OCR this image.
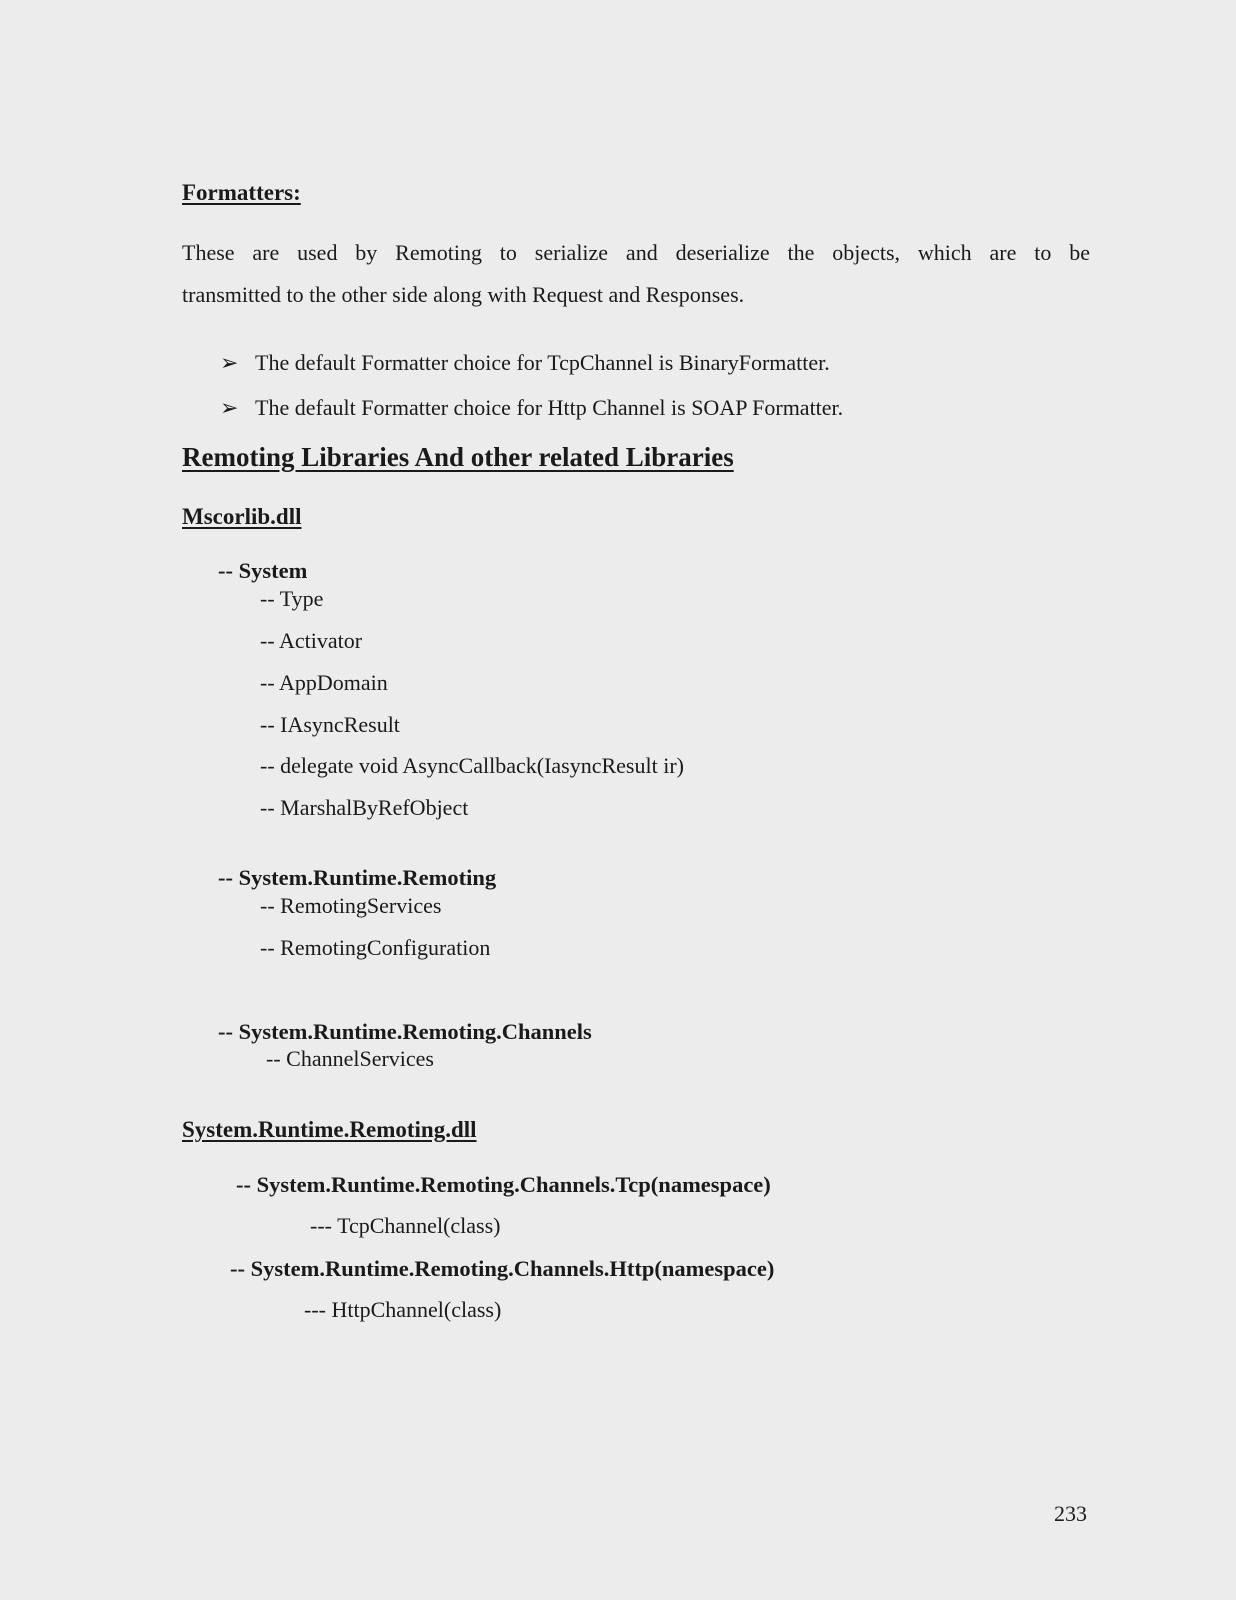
Formatters:
These are used by Remoting to serialize and deserialize the objects, which are to be
transmitted to the other side along with Request and Responses.
➢ The default Formatter choice for TcpChannel is BinaryFormatter.
➢ The default Formatter choice for Http Channel is SOAP Formatter.
Remoting Libraries And other related Libraries
Mscorlib.dll
-- System
-- Type
-- Activator
-- AppDomain
-- IAsyncResult
-- delegate void AsyncCallback(IasyncResult ir)
-- MarshalByRefObject
-- System.Runtime.Remoting
-- RemotingServices
-- RemotingConfiguration
-- System.Runtime.Remoting.Channels
-- ChannelServices
System.Runtime.Remoting.dll
-- System.Runtime.Remoting.Channels.Tcp(namespace)
--- TcpChannel(class)
-- System.Runtime.Remoting.Channels.Http(namespace)
--- HttpChannel(class)
233
